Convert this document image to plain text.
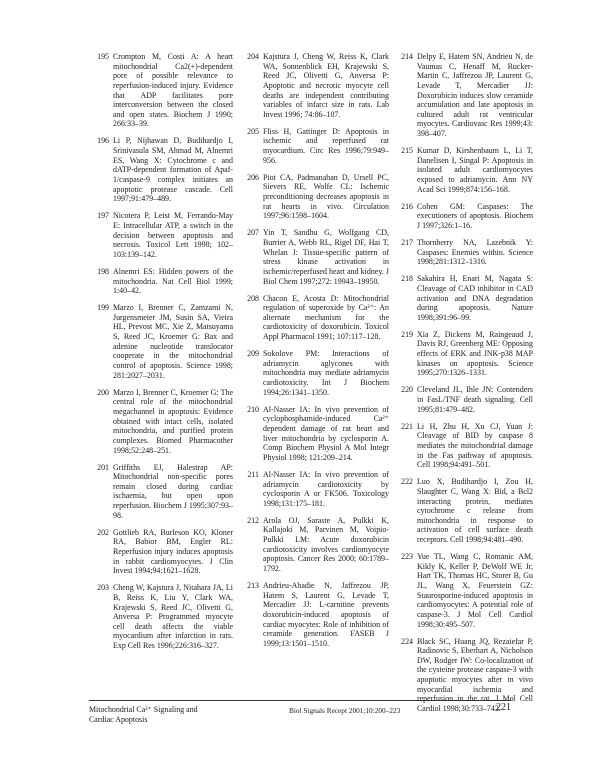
195 Crompton M, Costi A: A heart mitochondrial Ca2(+)-dependent pore of possible relevance to reperfusion-induced injury. Evidence that ADP facilitates pore interconversion between the closed and open states. Biochem J 1990; 266:33–39.
196 Li P, Nijhawan D, Budihardjo I, Srinivasula SM, Ahmad M, Alnemri ES, Wang X: Cytochrome c and dATP-dependent formation of Apaf-1/caspase-9 complex initiates an apoptotic protease cascade. Cell 1997;91:479–489.
197 Nicotera P, Leist M, Ferrando-May E: Intracellular ATP, a switch in the decision between apoptosis and necrosis. Toxicol Lett 1998; 102–103:139–142.
198 Alnemri ES: Hidden powers of the mitochondria. Nat Cell Biol 1999; 1:40–42.
199 Marzo I, Brenner C, Zamzami N, Jurgensmeier JM, Susin SA, Vieira HL, Prevost MC, Xie Z, Matsuyama S, Reed JC, Kroemer G: Bax and adenine nucleotide translocator cooperate in the mitochondrial control of apoptosis. Science 1998; 281:2027–2031.
200 Marzo I, Brenner C, Kroemer G: The central role of the mitochondrial megachannel in apoptosis: Evidence obtained with intact cells, isolated mitochondria, and purified protein complexes. Biomed Pharmacother 1998;52:248–251.
201 Griffiths EJ, Halestrap AP: Mitochondrial non-specific pores remain closed during cardiac ischaemia, but open upon reperfusion. Biochem J 1995;307:93–98.
202 Gottlieb RA, Burleson KO, Kloner RA, Babior BM, Engler RL: Reperfusion injury induces apoptosis in rabbit cardiomyocytes. J Clin Invest 1994;94:1621–1628.
203 Cheng W, Kajstura J, Nitahara JA, Li B, Reiss K, Liu Y, Clark WA, Krajewski S, Reed JC, Olivetti G, Anversa P: Programmed myocyte cell death affects the viable myocardium after infarction in rats. Exp Cell Res 1996;226:316–327.
204 Kajstura J, Cheng W, Reiss K, Clark WA, Sonnenblick EH, Krajewski S, Reed JC, Olivetti G, Anversa P: Apoptotic and necrotic myocyte cell deaths are independent contributing variables of infarct size in rats. Lab Invest 1996; 74:86–107.
205 Fliss H, Gattinger D: Apoptosis in ischemic and reperfused rat myocardium. Circ Res 1996;79:949–956.
206 Piot CA, Padmanaban D, Ursell PC, Sievers RE, Wolfe CL: Ischemic preconditioning decreases apoptosis in rat hearts in vivo. Circulation 1997;96:1598–1604.
207 Yin T, Sandhu G, Wolfgang CD, Burrier A, Webb RL, Rigel DF, Hai T, Whelan J: Tissue-specific pattern of stress kinase activation in ischemic/reperfused heart and kidney. J Biol Chem 1997;272: 19943–19950.
208 Chacon E, Acosta D: Mitochondrial regulation of superoxide by Ca²⁺: An alternate mechanism for the cardiotoxicity of doxorubicin. Toxicol Appl Pharmacol 1991; 107:117–128.
209 Sokolove PM: Interactions of adriamycin aglycones with mitochondria may mediate adriamycin cardiotoxicity. Int J Biochem 1994;26:1341–1350.
210 Al-Nasser IA: In vivo prevention of cyclophosphamide-induced Ca²⁺ dependent damage of rat heart and liver mitochondria by cyclosporin A. Comp Biochem Physiol A Mol Integr Physiol 1998; 121:209–214.
211 Al-Nasser IA: In vivo prevention of adriamycin cardiotoxicity by cyclosporin A or FK506. Toxicology 1998;131:175–181.
212 Arola OJ, Saraste A, Pulkki K, Kallajoki M, Parvinen M, Voipio-Pulkki LM: Acute doxorubicin cardiotoxicity involves cardiomyocyte apoptosis. Cancer Res 2000; 60:1789–1792.
213 Andrieu-Abadie N, Jaffrezou JP, Hatem S, Laurent G, Levade T, Mercadier JJ: L-carnitine prevents doxorubicin-induced apoptosis of cardiac myocytes: Role of inhibition of ceramide generation. FASEB J 1999;13:1501–1510.
214 Delpy E, Hatem SN, Andrieu N, de Vaumas C, Henaff M, Rucker-Martin C, Jaffrezou JP, Laurent G, Levade T, Mercadier JJ: Doxorubicin induces slow ceramide accumulation and late apoptosis in cultured adult rat ventricular myocytes. Cardiovasc Res 1999;43: 398–407.
215 Kumar D, Kirshenbaum L, Li T, Danelisen I, Singal P: Apoptosis in isolated adult cardiomyocytes exposed to adriamycin. Ann NY Acad Sci 1999;874:156–168.
216 Cohen GM: Caspases: The executioners of apoptosis. Biochem J 1997;326:1–16.
217 Thornberry NA, Lazebnik Y: Caspases: Enemies within. Science 1998;281:1312–1316.
218 Sakahira H, Enari M, Nagata S: Cleavage of CAD inhibitor in CAD activation and DNA degradation during apoptosis. Nature 1998;391:96–99.
219 Xia Z, Dickens M, Raingeaud J, Davis RJ, Greenberg ME: Opposing effects of ERK and JNK-p38 MAP kinases on apoptosis. Science 1995;270:1326–1331.
220 Cleveland JL, Ihle JN: Contenders in FasL/TNF death signaling. Cell 1995;81:479–482.
221 Li H, Zhu H, Xu CJ, Yuan J: Cleavage of BID by caspase 8 mediates the mitochondrial damage in the Fas pathway of apoptosis. Cell 1998;94:491–501.
222 Luo X, Budihardjo I, Zou H, Slaughter C, Wang X: Bid, a Bcl2 interacting protein, mediates cytochrome c release from mitochondria in response to activation of cell surface death receptors. Cell 1998;94:481–490.
223 Yue TL, Wang C, Romanic AM, Kikly K, Keller P, DeWolf WE Jr, Hart TK, Thomas HC, Storer B, Gu JL, Wang X, Feuerstein GZ: Staurosporine-induced apoptosis in cardiomyocytes: A potential role of caspase-3. J Mol Cell Cardiol 1998;30:495–507.
224 Black SC, Huang JQ, Rezaiefar P, Radinovic S, Eberhart A, Nicholson DW, Rodger IW: Co-localization of the cysteine protease caspase-3 with apoptotic myocytes after in vivo myocardial ischemia and reperfusion in the rat. J Mol Cell Cardiol 1998;30:733–742.
Mitochondrial Ca²⁺ Signaling and Cardiac Apoptosis
Biol Signals Recept 2001;10:200–223	221
